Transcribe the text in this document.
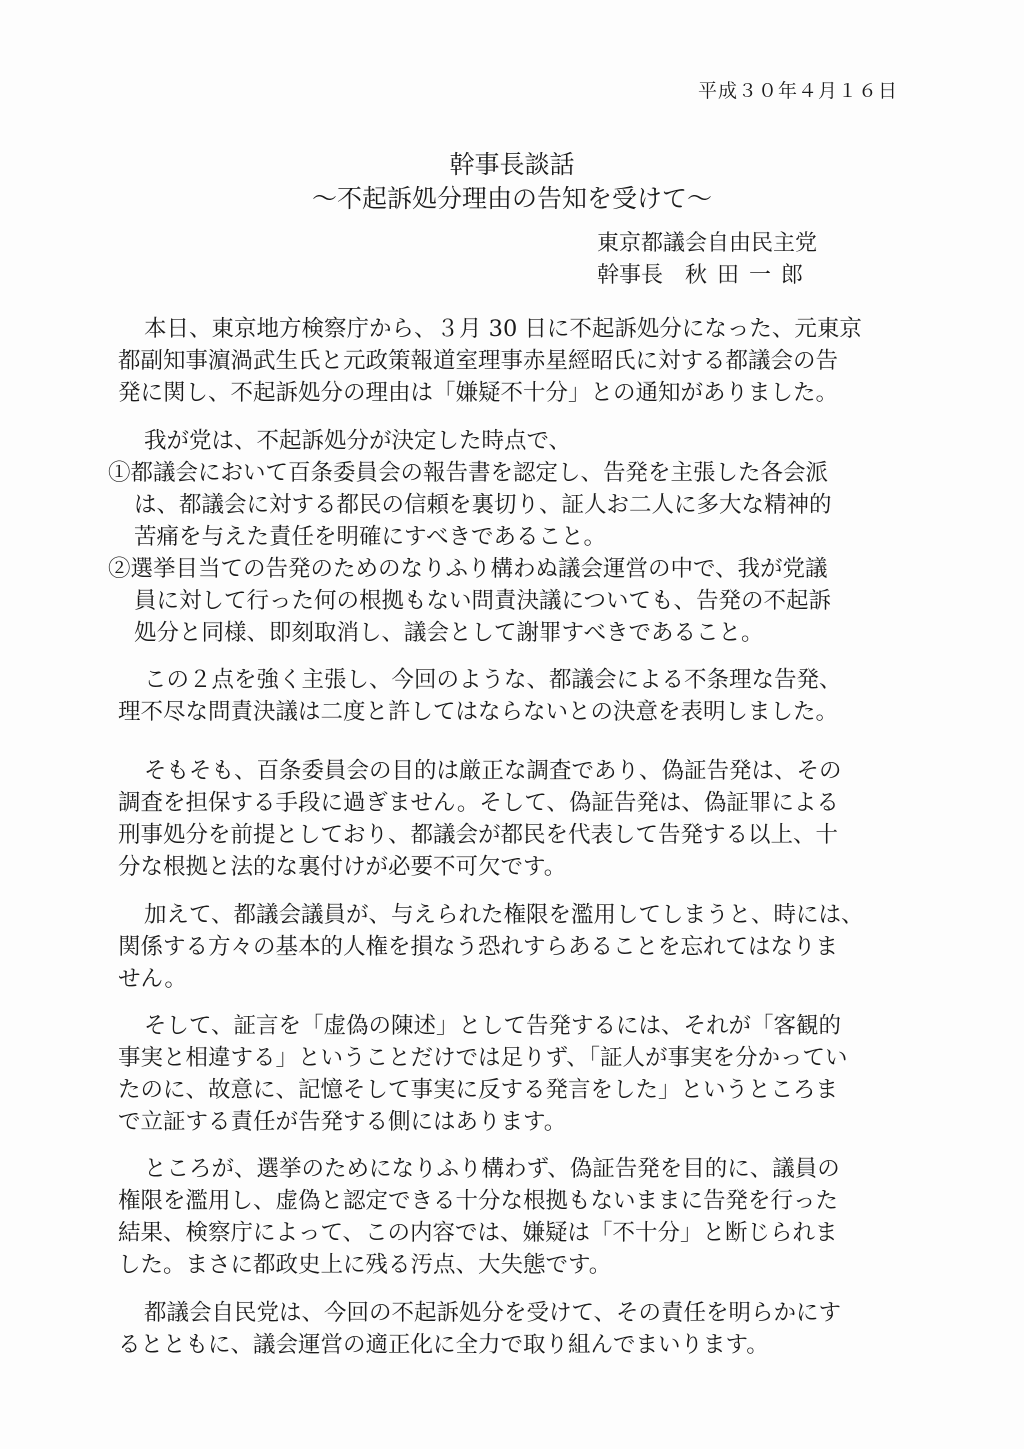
平成３０年４月１６日
幹事長談話
～不起訴処分理由の告知を受けて～
東京都議会自由民主党
幹事長 秋田一郎
本日、東京地方検察庁から、３月 30 日に不起訴処分になった、元東京
都副知事濵渦武生氏と元政策報道室理事赤星經昭氏に対する都議会の告
発に関し、不起訴処分の理由は「嫌疑不十分」との通知がありました。
我が党は、不起訴処分が決定した時点で、
①都議会において百条委員会の報告書を認定し、告発を主張した各会派
は、都議会に対する都民の信頼を裏切り、証人お二人に多大な精神的
苦痛を与えた責任を明確にすべきであること。
②選挙目当ての告発のためのなりふり構わぬ議会運営の中で、我が党議
員に対して行った何の根拠もない問責決議についても、告発の不起訴
処分と同様、即刻取消し、議会として謝罪すべきであること。
この２点を強く主張し、今回のような、都議会による不条理な告発、
理不尽な問責決議は二度と許してはならないとの決意を表明しました。
そもそも、百条委員会の目的は厳正な調査であり、偽証告発は、その
調査を担保する手段に過ぎません。そして、偽証告発は、偽証罪による
刑事処分を前提としており、都議会が都民を代表して告発する以上、十
分な根拠と法的な裏付けが必要不可欠です。
加えて、都議会議員が、与えられた権限を濫用してしまうと、時には、
関係する方々の基本的人権を損なう恐れすらあることを忘れてはなりま
せん。
そして、証言を「虚偽の陳述」として告発するには、それが「客観的
事実と相違する」ということだけでは足りず、「証人が事実を分かってい
たのに、故意に、記憶そして事実に反する発言をした」というところま
で立証する責任が告発する側にはあります。
ところが、選挙のためになりふり構わず、偽証告発を目的に、議員の
権限を濫用し、虚偽と認定できる十分な根拠もないままに告発を行った
結果、検察庁によって、この内容では、嫌疑は「不十分」と断じられま
した。まさに都政史上に残る汚点、大失態です。
都議会自民党は、今回の不起訴処分を受けて、その責任を明らかにす
るとともに、議会運営の適正化に全力で取り組んでまいります。
